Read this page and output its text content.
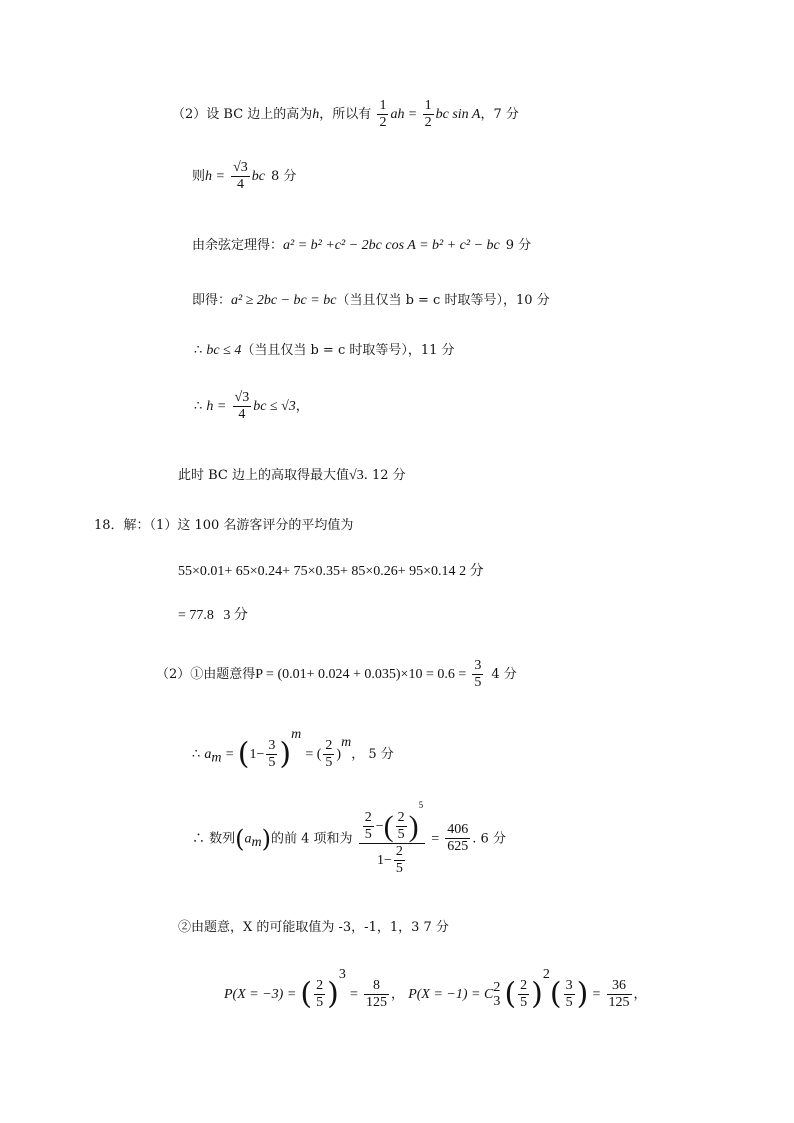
（2）设 BC 边上的高为h，所以有 $\frac{1}{2}$ ah = $\frac{1}{2}$ bc sin A，7 分
则$h = \frac{√3}{4}$ bc 8 分
由余弦定理得：a² = b² +c² − 2bc cos A = b² + c² − bc 9 分
即得：a² ≥ 2bc − bc = bc（当且仅当 b = c 时取等号），10 分
∴ bc ≤ 4（当且仅当 b = c 时取等号），11 分
∴ $h = \frac{√3}{4}$ bc ≤ √3，
此时 BC 边上的高取得最大值√3. 12 分
18．解：（1）这 100 名游客评分的平均值为
55×0.01+ 65×0.24+ 75×0.35+ 85×0.26+ 95×0.14 2 分
= 77.8 3 分
（2）①由题意得$P = (0.01+ 0.024 + 0.035)\times 10 = 0.6 = \frac{3}{5} 4$ 分
∴ $a_m = (1- \frac{3}{5} )^m$ = ( $\frac{2}{5} )^m$， 5 分
∴ 数列$(a_m)$的前 4 项和为 $\frac{\frac{2}{5} -( \frac{2}{5} )^5}{1- \frac{2}{5}} = \frac{406}{625}$ . 6 分
②由题意，X 的可能取值为 -3，-1，1，3 7 分
P(X = −3) = ( $\frac{2}{5} )^3 = \frac{8}{125}$ ， P(X = −1) = C 2
3 ( $\frac{2}{5} )^2( \frac{3}{5}$ ) = $\frac{36}{125}$ ，
